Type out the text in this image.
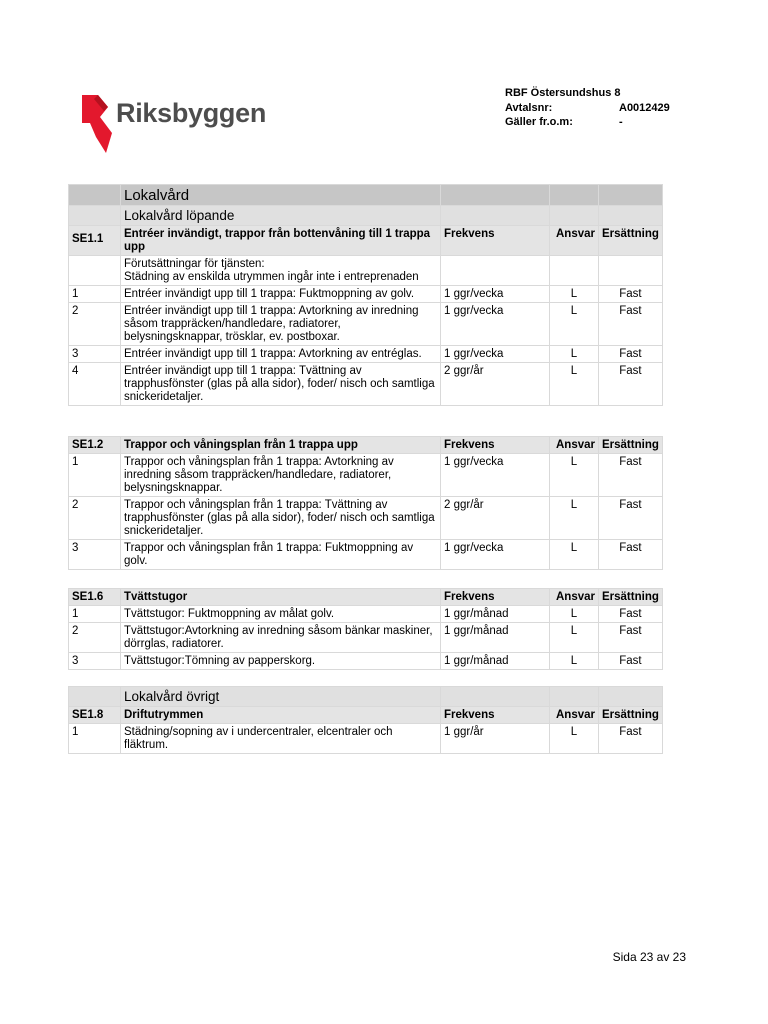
Riksbyggen
RBF Östersundshus 8
Avtalsnr:	A0012429
Gäller fr.o.m:	-
	Lokalvård			
	Lokalvård löpande			
SE1.1	Entréer invändigt, trappor från bottenvåning till 1 trappa upp	Frekvens	Ansvar	Ersättning
	Förutsättningar för tjänsten:
Städning av enskilda utrymmen ingår inte i entreprenaden			
1	Entréer invändigt upp till 1 trappa: Fuktmoppning av golv.	1 ggr/vecka	L	Fast
2	Entréer invändigt upp till 1 trappa: Avtorkning av inredning såsom trappräcken/handledare, radiatorer, belysningsknappar, trösklar, ev. postboxar.	1 ggr/vecka	L	Fast
3	Entréer invändigt upp till 1 trappa: Avtorkning av entréglas.	1 ggr/vecka	L	Fast
4	Entréer invändigt upp till 1 trappa: Tvättning av trapphusfönster (glas på alla sidor), foder/ nisch och samtliga snickeridetaljer.	2 ggr/år	L	Fast
SE1.2	Trappor och våningsplan från 1 trappa upp	Frekvens	Ansvar	Ersättning
1	Trappor och våningsplan från 1 trappa: Avtorkning av inredning såsom trappräcken/handledare, radiatorer, belysningsknappar.	1 ggr/vecka	L	Fast
2	Trappor och våningsplan från 1 trappa: Tvättning av trapphusfönster (glas på alla sidor), foder/ nisch och samtliga snickeridetaljer.	2 ggr/år	L	Fast
3	Trappor och våningsplan från 1 trappa: Fuktmoppning av golv.	1 ggr/vecka	L	Fast
SE1.6	Tvättstugor	Frekvens	Ansvar	Ersättning
1	Tvättstugor: Fuktmoppning av målat golv.	1 ggr/månad	L	Fast
2	Tvättstugor:Avtorkning av inredning såsom bänkar maskiner, dörrglas, radiatorer.	1 ggr/månad	L	Fast
3	Tvättstugor:Tömning av papperskorg.	1 ggr/månad	L	Fast
	Lokalvård övrigt			
SE1.8	Driftutrymmen	Frekvens	Ansvar	Ersättning
1	Städning/sopning av i undercentraler, elcentraler och fläktrum.	1 ggr/år	L	Fast
Sida 23 av 23
